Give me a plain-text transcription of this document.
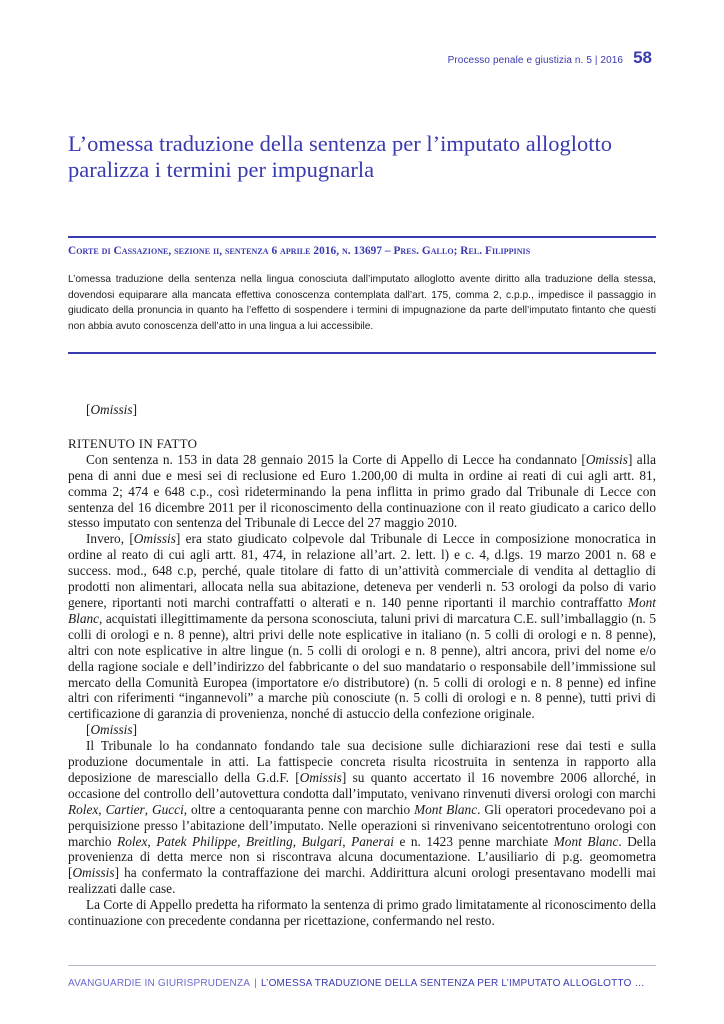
Processo penale e giustizia n. 5 | 2016 58
L’omessa traduzione della sentenza per l’imputato alloglotto paralizza i termini per impugnarla
Corte di Cassazione, sezione ii, sentenza 6 aprile 2016, n. 13697 – Pres. Gallo; Rel. Filippinis

L’omessa traduzione della sentenza nella lingua conosciuta dall’imputato alloglotto avente diritto alla traduzione della stessa, dovendosi equiparare alla mancata effettiva conoscenza contemplata dall’art. 175, comma 2, c.p.p., impedisce il passaggio in giudicato della pronuncia in quanto ha l’effetto di sospendere i termini di impugnazione da parte dell’imputato fintanto che questi non abbia avuto conoscenza dell’atto in una lingua a lui accessibile.

[Omissis]

RITENUTO IN FATTO

Con sentenza n. 153 in data 28 gennaio 2015 la Corte di Appello di Lecce ha condannato [Omissis] alla pena di anni due e mesi sei di reclusione ed Euro 1.200,00 di multa in ordine ai reati di cui agli artt. 81, comma 2; 474 e 648 c.p., così rideterminando la pena inflitta in primo grado dal Tribunale di Lecce con sentenza del 16 dicembre 2011 per il riconoscimento della continuazione con il reato giudicato a carico dello stesso imputato con sentenza del Tribunale di Lecce del 27 maggio 2010.

Invero, [Omissis] era stato giudicato colpevole dal Tribunale di Lecce in composizione monocratica in ordine al reato di cui agli artt. 81, 474, in relazione all’art. 2. lett. l) e c. 4, d.lgs. 19 marzo 2001 n. 68 e success. mod., 648 c.p, perché, quale titolare di fatto di un’attività commerciale di vendita al dettaglio di prodotti non alimentari, allocata nella sua abitazione, deteneva per venderli n. 53 orologi da polso di vario genere, riportanti noti marchi contraffatti o alterati e n. 140 penne riportanti il marchio contraffatto Mont Blanc, acquistati illegittimamente da persona sconosciuta, taluni privi di marcatura C.E. sull’imballaggio (n. 5 colli di orologi e n. 8 penne), altri privi delle note esplicative in italiano (n. 5 colli di orologi e n. 8 penne), altri con note esplicative in altre lingue (n. 5 colli di orologi e n. 8 penne), altri ancora, privi del nome e/o della ragione sociale e dell’indirizzo del fabbricante o del suo mandatario o responsabile dell’immissione sul mercato della Comunità Europea (importatore e/o distributore) (n. 5 colli di orologi e n. 8 penne) ed infine altri con riferimenti “ingannevoli” a marche più conosciute (n. 5 colli di orologi e n. 8 penne), tutti privi di certificazione di garanzia di provenienza, nonché di astuccio della confezione originale.

[Omissis]

Il Tribunale lo ha condannato fondando tale sua decisione sulle dichiarazioni rese dai testi e sulla produzione documentale in atti. La fattispecie concreta risulta ricostruita in sentenza in rapporto alla deposizione de maresciallo della G.d.F. [Omissis] su quanto accertato il 16 novembre 2006 allorché, in occasione del controllo dell’autovettura condotta dall’imputato, venivano rinvenuti diversi orologi con marchi Rolex, Cartier, Gucci, oltre a centoquaranta penne con marchio Mont Blanc. Gli operatori procedevano poi a perquisizione presso l’abitazione dell’imputato. Nelle operazioni si rinvenivano seicentotrentuno orologi con marchio Rolex, Patek Philippe, Breitling, Bulgari, Panerai e n. 1423 penne marchiate Mont Blanc. Della provenienza di detta merce non si riscontrava alcuna documentazione. L’ausiliario di p.g. geomometra [Omissis] ha confermato la contraffazione dei marchi. Addirittura alcuni orologi presentavano modelli mai realizzati dalle case.

La Corte di Appello predetta ha riformato la sentenza di primo grado limitatamente al riconoscimento della continuazione con precedente condanna per ricettazione, confermando nel resto.

AVANGUARDIE IN GIURISPRUDENZA | L’OMESSA TRADUZIONE DELLA SENTENZA PER L’IMPUTATO ALLOGLOTTO …
